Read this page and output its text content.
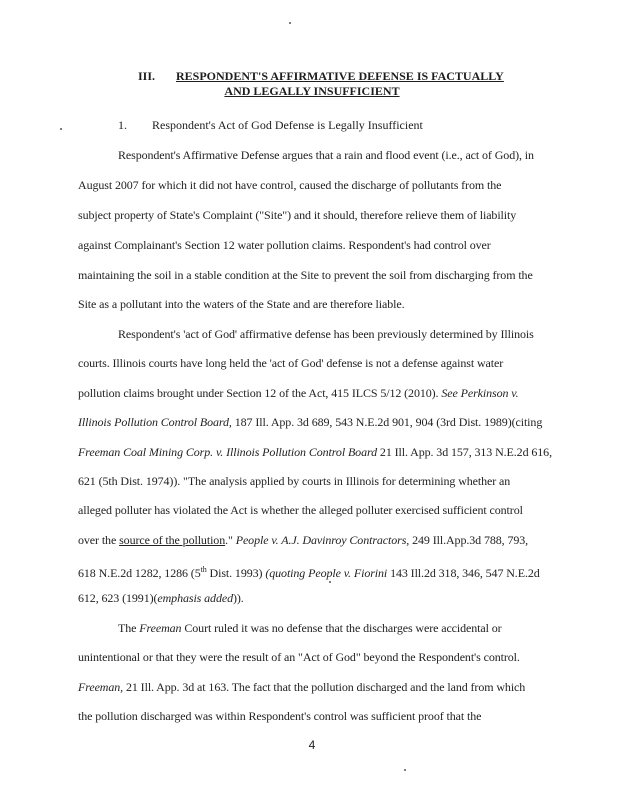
III. RESPONDENT'S AFFIRMATIVE DEFENSE IS FACTUALLY
AND LEGALLY INSUFFICIENT
1. Respondent's Act of God Defense is Legally Insufficient
Respondent's Affirmative Defense argues that a rain and flood event (i.e., act of God), in
August 2007 for which it did not have control, caused the discharge of pollutants from the
subject property of State's Complaint ("Site") and it should, therefore relieve them of liability
against Complainant's Section 12 water pollution claims. Respondent's had control over
maintaining the soil in a stable condition at the Site to prevent the soil from discharging from the
Site as a pollutant into the waters of the State and are therefore liable.
Respondent's 'act of God' affirmative defense has been previously determined by Illinois
courts. Illinois courts have long held the 'act of God' defense is not a defense against water
pollution claims brought under Section 12 of the Act, 415 ILCS 5/12 (2010). See Perkinson v.
Illinois Pollution Control Board, 187 Ill. App. 3d 689, 543 N.E.2d 901, 904 (3rd Dist. 1989)(citing
Freeman Coal Mining Corp. v. Illinois Pollution Control Board 21 Ill. App. 3d 157, 313 N.E.2d 616,
621 (5th Dist. 1974)). "The analysis applied by courts in Illinois for determining whether an
alleged polluter has violated the Act is whether the alleged polluter exercised sufficient control
over the source of the pollution." People v. A.J. Davinroy Contractors, 249 Ill.App.3d 788, 793,
618 N.E.2d 1282, 1286 (5th Dist. 1993) (quoting People v. Fiorini 143 Ill.2d 318, 346, 547 N.E.2d
612, 623 (1991)(emphasis added)).
The Freeman Court ruled it was no defense that the discharges were accidental or
unintentional or that they were the result of an "Act of God" beyond the Respondent's control.
Freeman, 21 Ill. App. 3d at 163. The fact that the pollution discharged and the land from which
the pollution discharged was within Respondent's control was sufficient proof that the
4
